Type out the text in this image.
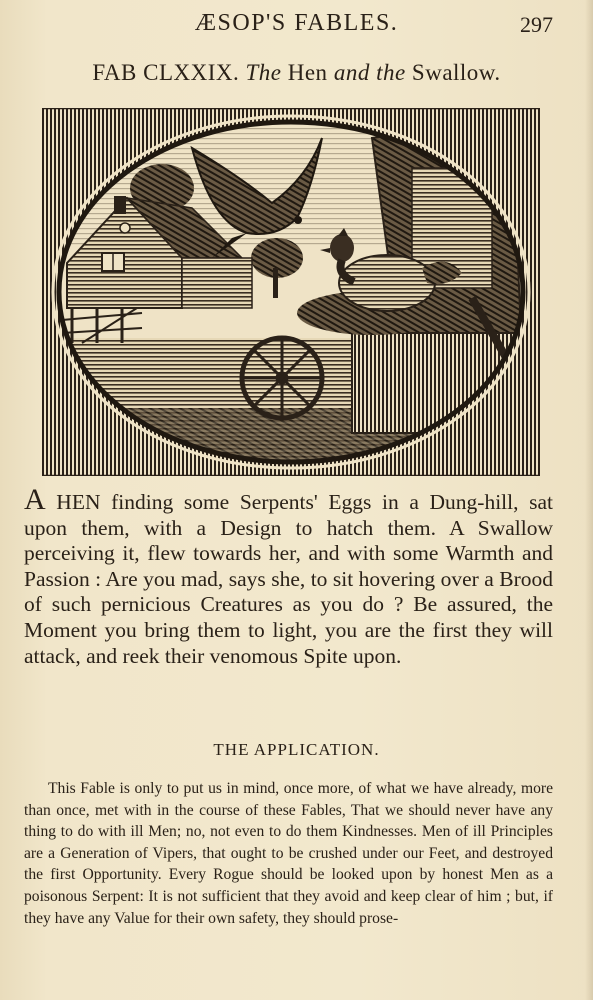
ÆSOP'S FABLES.	297
FAB CLXXIX. The Hen and the Swallow.
A HEN finding some Serpents' Eggs in a Dung-hill, sat upon them, with a Design to hatch them. A Swallow perceiving it, flew towards her, and with some Warmth and Passion : Are you mad, says she, to sit hovering over a Brood of such pernicious Creatures as you do ? Be assured, the Moment you bring them to light, you are the first they will attack, and reek their venomous Spite upon.
THE APPLICATION.
This Fable is only to put us in mind, once more, of what we have already, more than once, met with in the course of these Fables, That we should never have any thing to do with ill Men; no, not even to do them Kindnesses. Men of ill Principles are a Generation of Vipers, that ought to be crushed under our Feet, and destroyed the first Opportunity. Every Rogue should be looked upon by honest Men as a poisonous Serpent: It is not sufficient that they avoid and keep clear of him ; but, if they have any Value for their own safety, they should prose-
